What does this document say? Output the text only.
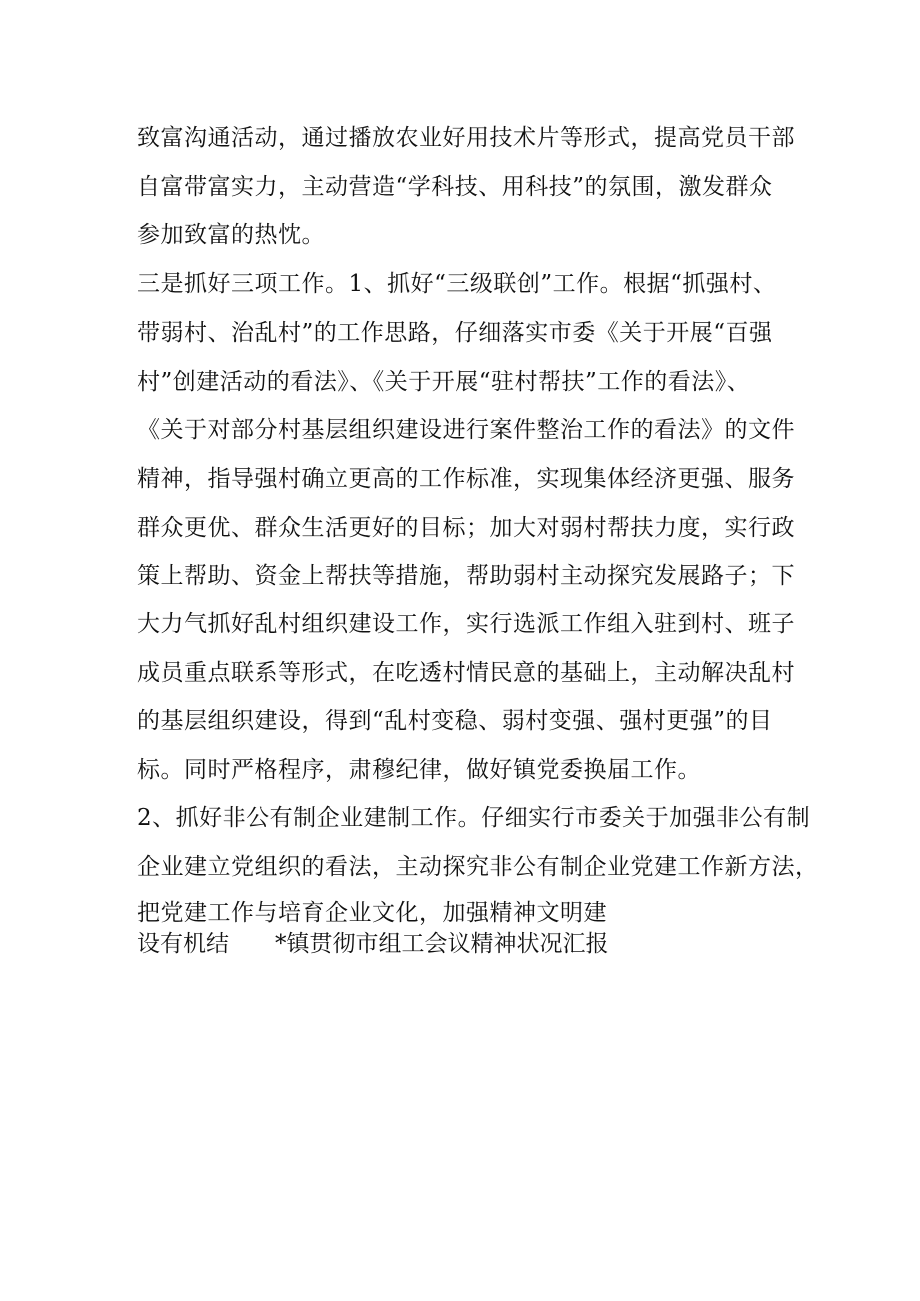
致富沟通活动，通过播放农业好用技术片等形式，提高党员干部
自富带富实力，主动营造“学科技、用科技”的氛围，激发群众
参加致富的热忱。
三是抓好三项工作。1、抓好“三级联创”工作。根据“抓强村、
带弱村、治乱村”的工作思路，仔细落实市委《关于开展“百强
村”创建活动的看法》、《关于开展“驻村帮扶”工作的看法》、
《关于对部分村基层组织建设进行案件整治工作的看法》的文件
精神，指导强村确立更高的工作标准，实现集体经济更强、服务
群众更优、群众生活更好的目标；加大对弱村帮扶力度，实行政
策上帮助、资金上帮扶等措施，帮助弱村主动探究发展路子；下
大力气抓好乱村组织建设工作，实行选派工作组入驻到村、班子
成员重点联系等形式，在吃透村情民意的基础上，主动解决乱村
的基层组织建设，得到“乱村变稳、弱村变强、强村更强”的目
标。同时严格程序，肃穆纪律，做好镇党委换届工作。
2、抓好非公有制企业建制工作。仔细实行市委关于加强非公有制
企业建立党组织的看法，主动探究非公有制企业党建工作新方法，
把党建工作与培育企业文化，加强精神文明建
设有机结 *镇贯彻市组工会议精神状况汇报
